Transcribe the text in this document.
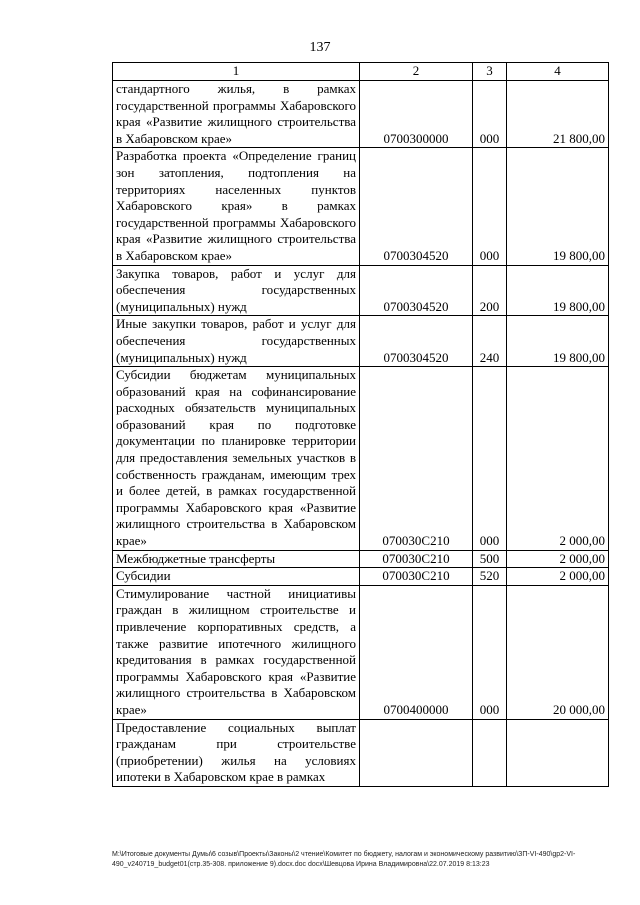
137
1	2	3	4
стандартного жилья, в рамках государственной программы Хабаровского края «Развитие жилищного строительства в Хабаровском крае»	0700300000	000	21 800,00
Разработка проекта «Определение границ зон затопления, подтопления на территориях населенных пунктов Хабаровского края» в рамках государственной программы Хабаровского края «Развитие жилищного строительства в Хабаровском крае»	0700304520	000	19 800,00
Закупка товаров, работ и услуг для обеспечения государственных (муниципальных) нужд	0700304520	200	19 800,00
Иные закупки товаров, работ и услуг для обеспечения государственных (муниципальных) нужд	0700304520	240	19 800,00
Субсидии бюджетам муниципальных образований края на софинансирование расходных обязательств муниципальных образований края по подготовке документации по планировке территории для предоставления земельных участков в собственность гражданам, имеющим трех и более детей, в рамках государственной программы Хабаровского края «Развитие жилищного строительства в Хабаровском крае»	070030С210	000	2 000,00
Межбюджетные трансферты	070030С210	500	2 000,00
Субсидии	070030С210	520	2 000,00
Стимулирование частной инициативы граждан в жилищном строительстве и привлечение корпоративных средств, а также развитие ипотечного жилищного кредитования в рамках государственной программы Хабаровского края «Развитие жилищного строительства в Хабаровском крае»	0700400000	000	20 000,00
Предоставление социальных выплат гражданам при строительстве (приобретении) жилья на условиях ипотеки в Хабаровском крае в рамках			
M:\Итоговые документы Думы\6 созыв\Проекты\Законы\2 чтение\Комитет по бюджету, налогам и экономическому развитию\ЗП-VI-490\gp2-VI-490_v240719_budget01(стр.35-308. приложение 9).docx.doc docx\Шевцова Ирина Владимировна\22.07.2019 8:13:23
